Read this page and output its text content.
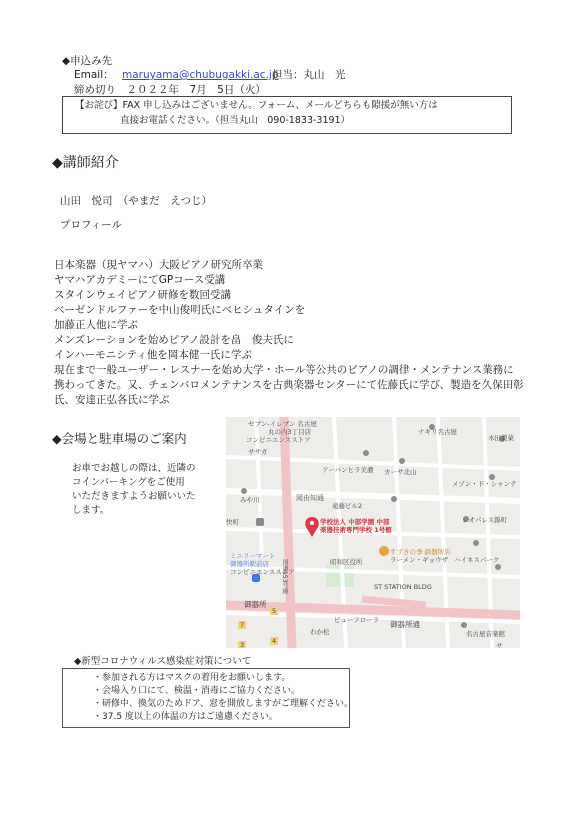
◆申込み先
Email： maruyama@chubugakki.ac.jp
担当：丸山　光
締め切り　２０２２年　7月　5日（火）
【お詫び】FAX 申し込みはございません。フォーム、メールどちらも隙援が無い方は
直接お電話ください。（担当丸山　090-1833-3191）
◆講師紹介
山田　悦司　（やまだ　えつじ）
プロフィール
日本楽器（現ヤマハ）大阪ピアノ研究所卒業
ヤマハアカデミーにてGPコース受講
スタインウェイピアノ研修を数回受講
ベーゼンドルファーを中山俊明氏にベヒシュタインを
加藤正人他に学ぶ
メンズレーションを始めピアノ設計を畠　俊夫氏に
インハーモニシティ他を岡本健一氏に学ぶ
現在まで一般ユーザー・レスナーを始め大学・ホール等公共のピアノの調律・メンテナンス業務に
携わってきた。又、チェンバロメンテナンスを古典楽器センターにて佐藤氏に学び、製造を久保田彰
氏、安達正弘各氏に学ぶ
◆会場と駐車場のご案内
お車でお越しの際は、近隣の
コインパーキングをご使用
いただきますようお願いいた
します。
セブン-イレブン 名古屋
丸の内3丁目店
コンビニエンスストア
ナキリ名古屋
ササガ
木田製菓
アーバンヒラ美濃 カーサ北山
遠藤ビル2
メゾン・ド・シャンテ
みや川	岡由知通
レオパレス錦町
学校法人 中部学園 中部
楽器技術専門学校 1号館
快町
ミニリーマート
御器所駅前店
コンビニエンスストア
昭和区役所
すずきの季 御器所店
ラーメン・ギョウザ ハイネスパーク
御器所
ST STATION BLDG
ビューフローラ 御器所通
名古屋音楽館
わか松
サ
国道153号線
7
5
4
3
◆新型コロナウィルス感染症対策について
・参加される方はマスクの着用をお願いします。
・会場入り口にて、検温・消毒にご協力ください。
・研修中、換気のためドア、窓を開放しますがご理解ください。
・37.5 度以上の体温の方はご遠慮ください。
